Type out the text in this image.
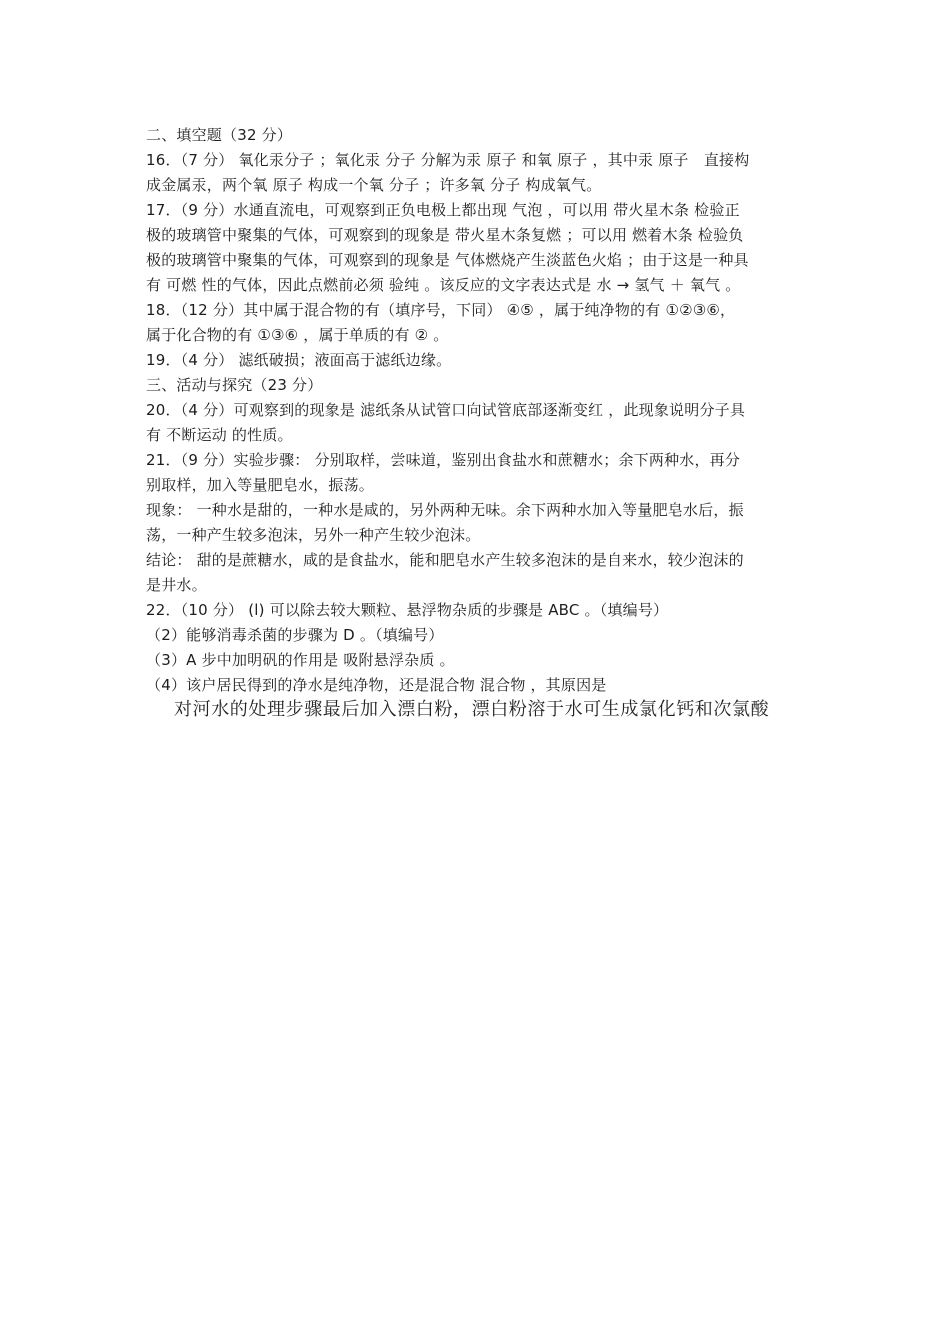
二、填空题（32 分）
16．（7 分） 氧化汞分子 ；氧化汞 分子 分解为汞 原子 和氧 原子 ，其中汞 原子　直接构
成金属汞，两个氧 原子 构成一个氧 分子 ；许多氧 分子 构成氧气。
17．（9 分）水通直流电，可观察到正负电极上都出现 气泡 ，可以用 带火星木条 检验正
极的玻璃管中聚集的气体，可观察到的现象是 带火星木条复燃 ；可以用 燃着木条 检验负
极的玻璃管中聚集的气体，可观察到的现象是 气体燃烧产生淡蓝色火焰 ；由于这是一种具
有 可燃 性的气体，因此点燃前必须 验纯 。该反应的文字表达式是 水 → 氢气 ＋ 氧气 。
18．（12 分）其中属于混合物的有（填序号，下同） ④⑤ ，属于纯净物的有 ①②③⑥，
属于化合物的有 ①③⑥ ，属于单质的有 ② 。
19．（4 分） 滤纸破损；液面高于滤纸边缘。
三、活动与探究（23 分）
20．（4 分）可观察到的现象是 滤纸条从试管口向试管底部逐渐变红 ，此现象说明分子具
有 不断运动 的性质。
21．（9 分）实验步骤： 分别取样，尝味道，鉴别出食盐水和蔗糖水；余下两种水，再分
别取样，加入等量肥皂水，振荡。
现象： 一种水是甜的，一种水是咸的，另外两种无味。余下两种水加入等量肥皂水后，振
荡，一种产生较多泡沫，另外一种产生较少泡沫。
结论： 甜的是蔗糖水，咸的是食盐水，能和肥皂水产生较多泡沫的是自来水，较少泡沫的
是井水。
22．（10 分） (l) 可以除去较大颗粒、悬浮物杂质的步骤是 ABC 。（填编号）
（2）能够消毒杀菌的步骤为 D 。（填编号）
（3）A 步中加明矾的作用是 吸附悬浮杂质 。
（4）该户居民得到的净水是纯净物，还是混合物 混合物 ，其原因是
对河水的处理步骤最后加入漂白粉，漂白粉溶于水可生成氯化钙和次氯酸
